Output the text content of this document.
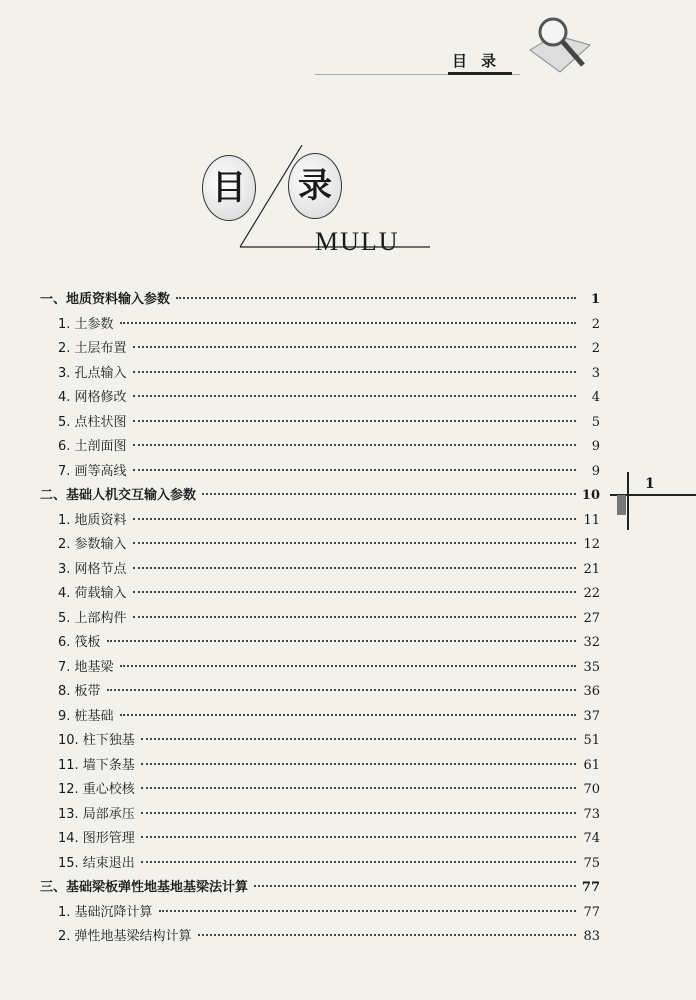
目录
目 录
MULU
一、地质资料输入参数	1
1. 土参数	2
2. 土层布置	2
3. 孔点输入	3
4. 网格修改	4
5. 点柱状图	5
6. 土剖面图	9
7. 画等高线	9
二、基础人机交互输入参数	10
1. 地质资料	11
2. 参数输入	12
3. 网格节点	21
4. 荷载输入	22
5. 上部构件	27
6. 筏板	32
7. 地基梁	35
8. 板带	36
9. 桩基础	37
10. 柱下独基	51
11. 墙下条基	61
12. 重心校核	70
13. 局部承压	73
14. 图形管理	74
15. 结束退出	75
三、基础梁板弹性地基地基梁法计算	77
1. 基础沉降计算	77
2. 弹性地基梁结构计算	83
1
